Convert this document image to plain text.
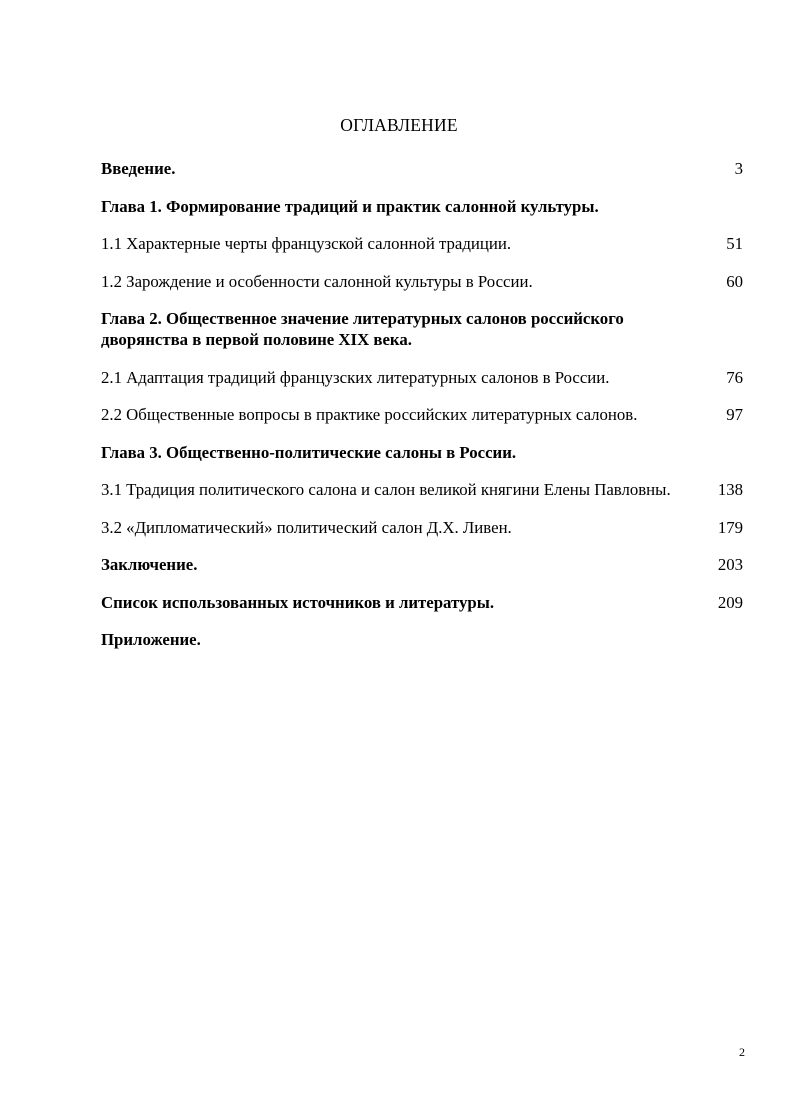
ОГЛАВЛЕНИЕ
Введение.	3
Глава 1. Формирование традиций и практик салонной культуры.
1.1 Характерные черты французской салонной традиции.	51
1.2 Зарождение и особенности салонной культуры в России.	60
Глава 2. Общественное значение литературных салонов российского дворянства в первой половине XIX века.
2.1 Адаптация традиций французских литературных салонов в России.	76
2.2 Общественные вопросы в практике российских литературных салонов.	97
Глава 3. Общественно-политические салоны в России.
3.1 Традиция политического салона и салон великой княгини Елены Павловны.	138
3.2 «Дипломатический» политический салон Д.Х. Ливен.	179
Заключение.	203
Список использованных источников и литературы.	209
Приложение.
2
